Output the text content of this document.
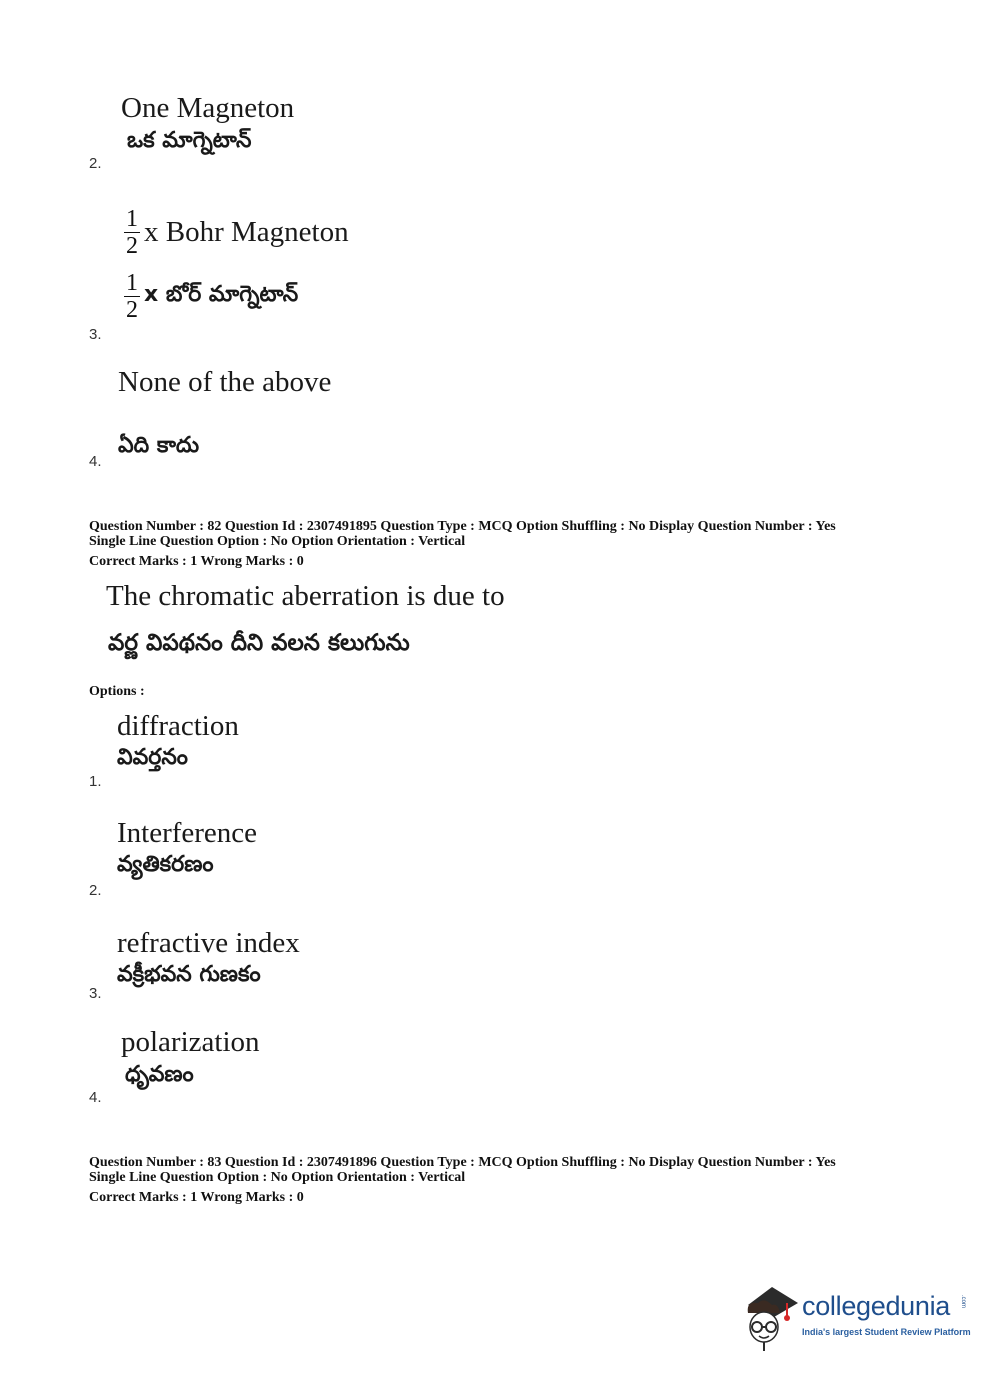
One Magneton
ఒక మాగ్నెటాన్
2.
$\frac{1}{2}$ x Bohr Magneton
$\frac{1}{2}$ x బోర్ మాగ్నెటాన్
3.
None of the above
ఏది కాదు
4.
Question Number : 82 Question Id : 2307491895 Question Type : MCQ Option Shuffling : No Display Question Number : Yes
Single Line Question Option : No Option Orientation : Vertical
Correct Marks : 1 Wrong Marks : 0
The chromatic aberration is due to
వర్ణ విపథనం దీని వలన కలుగును
Options :
diffraction
వివర్తనం
1.
Interference
వ్యతికరణం
2.
refractive index
వక్రీభవన గుణకం
3.
polarization
ధృవణం
4.
Question Number : 83 Question Id : 2307491896 Question Type : MCQ Option Shuffling : No Display Question Number : Yes
Single Line Question Option : No Option Orientation : Vertical
Correct Marks : 1 Wrong Marks : 0
collegedunia .com
India's largest Student Review Platform
